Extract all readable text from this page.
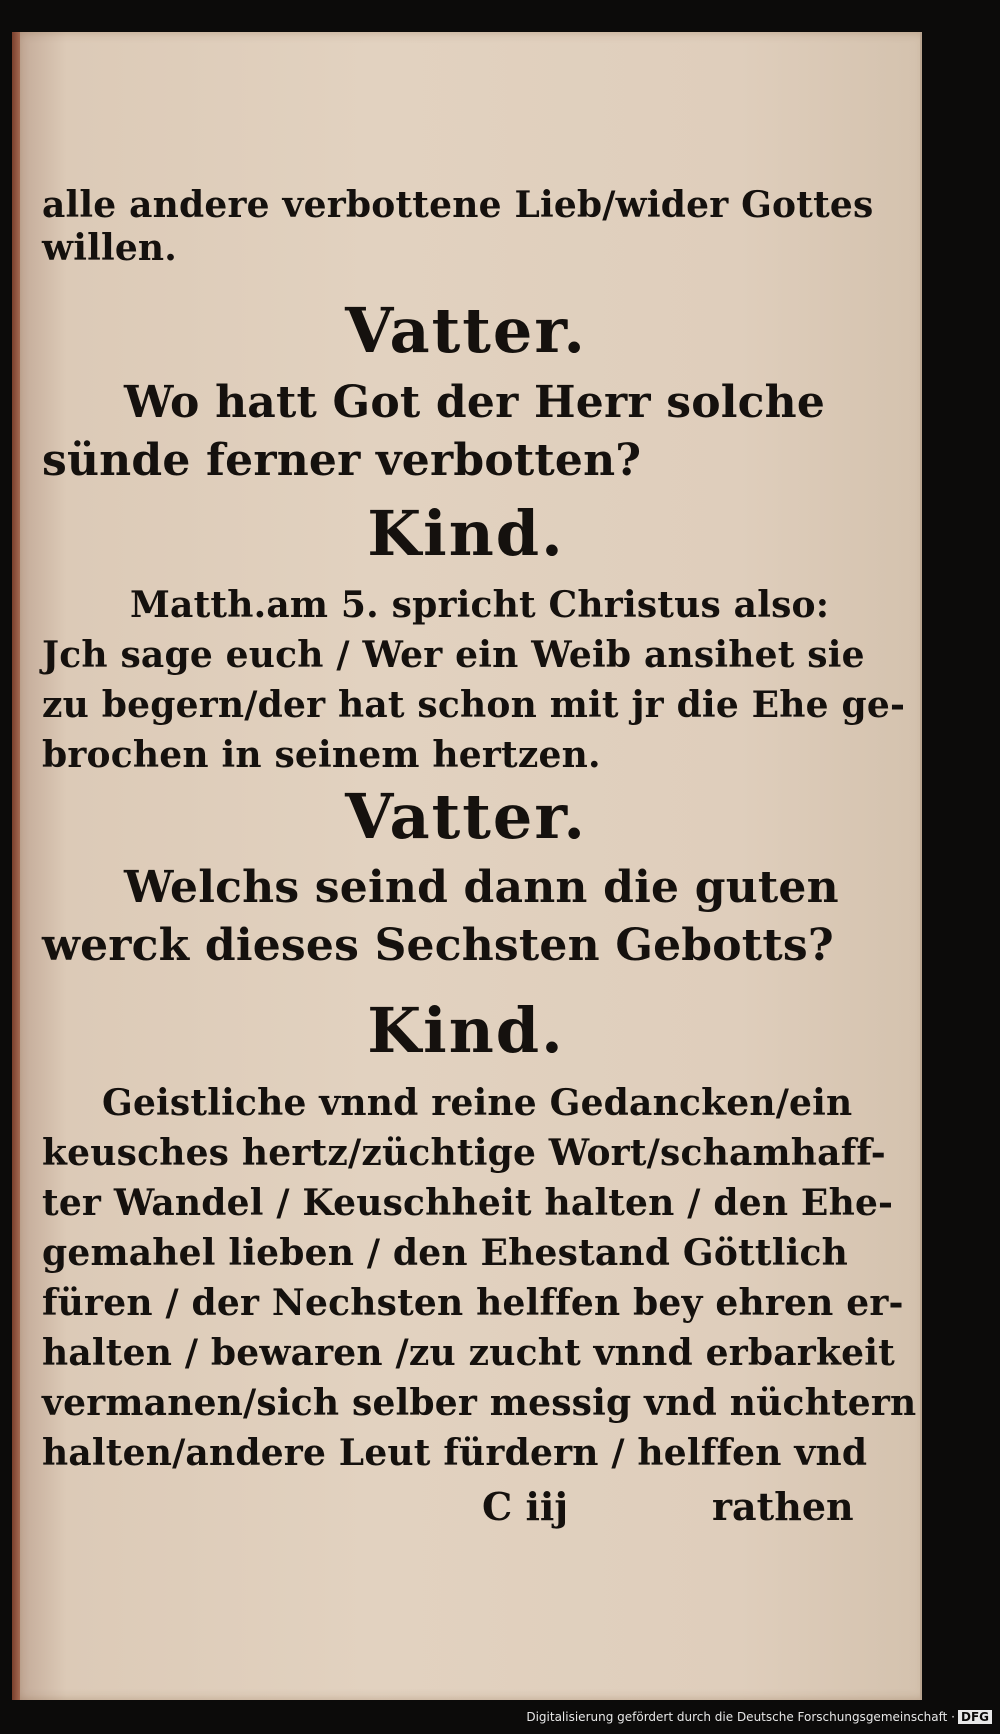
alle andere verbottene Lieb/wider Gottes
willen.
Vatter.
Wo hatt Got der Herr solche
sünde ferner verbotten?
Kind.
Matth.am 5. spricht Christus also:
Jch sage euch / Wer ein Weib ansihet sie
zu begern/der hat schon mit jr die Ehe ge-
brochen in seinem hertzen.
Vatter.
Welchs seind dann die guten
werck dieses Sechsten Gebotts?
Kind.
Geistliche vnnd reine Gedancken/ein
keusches hertz/züchtige Wort/schamhaff-
ter Wandel / Keuschheit halten / den Ehe-
gemahel lieben / den Ehestand Göttlich
füren / der Nechsten helffen bey ehren er-
halten / bewaren /zu zucht vnnd erbarkeit
vermanen/sich selber messig vnd nüchtern
halten/andere Leut fürdern / helffen vnd
C iij	rathen
Digitalisierung gefördert durch die Deutsche Forschungsgemeinschaft · DFG
